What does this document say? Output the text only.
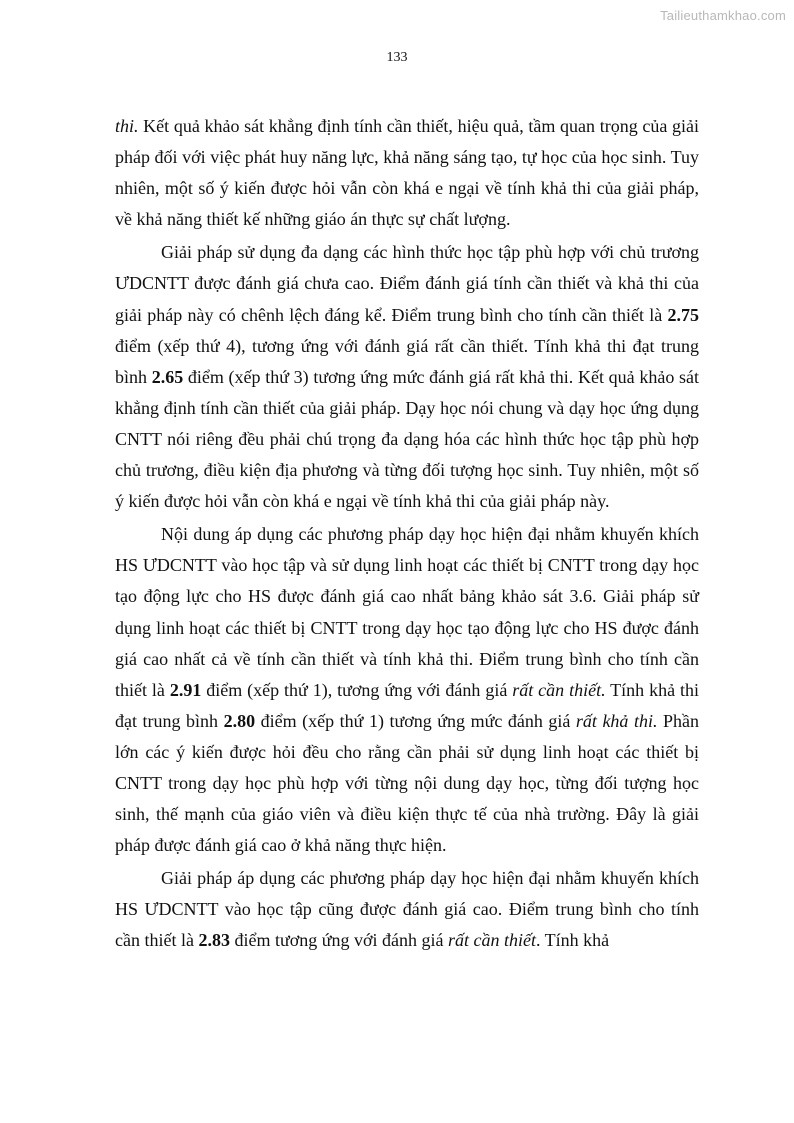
Tailieuthamkhao.com
133

thi. Kết quả khảo sát khẳng định tính cần thiết, hiệu quả, tầm quan trọng của giải pháp đối với việc phát huy năng lực, khả năng sáng tạo, tự học của học sinh. Tuy nhiên, một số ý kiến được hỏi vẫn còn khá e ngại về tính khả thi của giải pháp, về khả năng thiết kế những giáo án thực sự chất lượng.

Giải pháp sử dụng đa dạng các hình thức học tập phù hợp với chủ trương ƯDCNTT được đánh giá chưa cao. Điểm đánh giá tính cần thiết và khả thi của giải pháp này có chênh lệch đáng kể. Điểm trung bình cho tính cần thiết là 2.75 điểm (xếp thứ 4), tương ứng với đánh giá rất cần thiết. Tính khả thi đạt trung bình 2.65 điểm (xếp thứ 3) tương ứng mức đánh giá rất khả thi. Kết quả khảo sát khẳng định tính cần thiết của giải pháp. Dạy học nói chung và dạy học ứng dụng CNTT nói riêng đều phải chú trọng đa dạng hóa các hình thức học tập phù hợp chủ trương, điều kiện địa phương và từng đối tượng học sinh. Tuy nhiên, một số ý kiến được hỏi vẫn còn khá e ngại về tính khả thi của giải pháp này.

Nội dung áp dụng các phương pháp dạy học hiện đại nhằm khuyến khích HS ƯDCNTT vào học tập và sử dụng linh hoạt các thiết bị CNTT trong dạy học tạo động lực cho HS được đánh giá cao nhất bảng khảo sát 3.6. Giải pháp sử dụng linh hoạt các thiết bị CNTT trong dạy học tạo động lực cho HS được đánh giá cao nhất cả về tính cần thiết và tính khả thi. Điểm trung bình cho tính cần thiết là 2.91 điểm (xếp thứ 1), tương ứng với đánh giá rất cần thiết. Tính khả thi đạt trung bình 2.80 điểm (xếp thứ 1) tương ứng mức đánh giá rất khả thi. Phần lớn các ý kiến được hỏi đều cho rằng cần phải sử dụng linh hoạt các thiết bị CNTT trong dạy học phù hợp với từng nội dung dạy học, từng đối tượng học sinh, thế mạnh của giáo viên và điều kiện thực tế của nhà trường. Đây là giải pháp được đánh giá cao ở khả năng thực hiện.

Giải pháp áp dụng các phương pháp dạy học hiện đại nhằm khuyến khích HS ƯDCNTT vào học tập cũng được đánh giá cao. Điểm trung bình cho tính cần thiết là 2.83 điểm tương ứng với đánh giá rất cần thiết. Tính khả
